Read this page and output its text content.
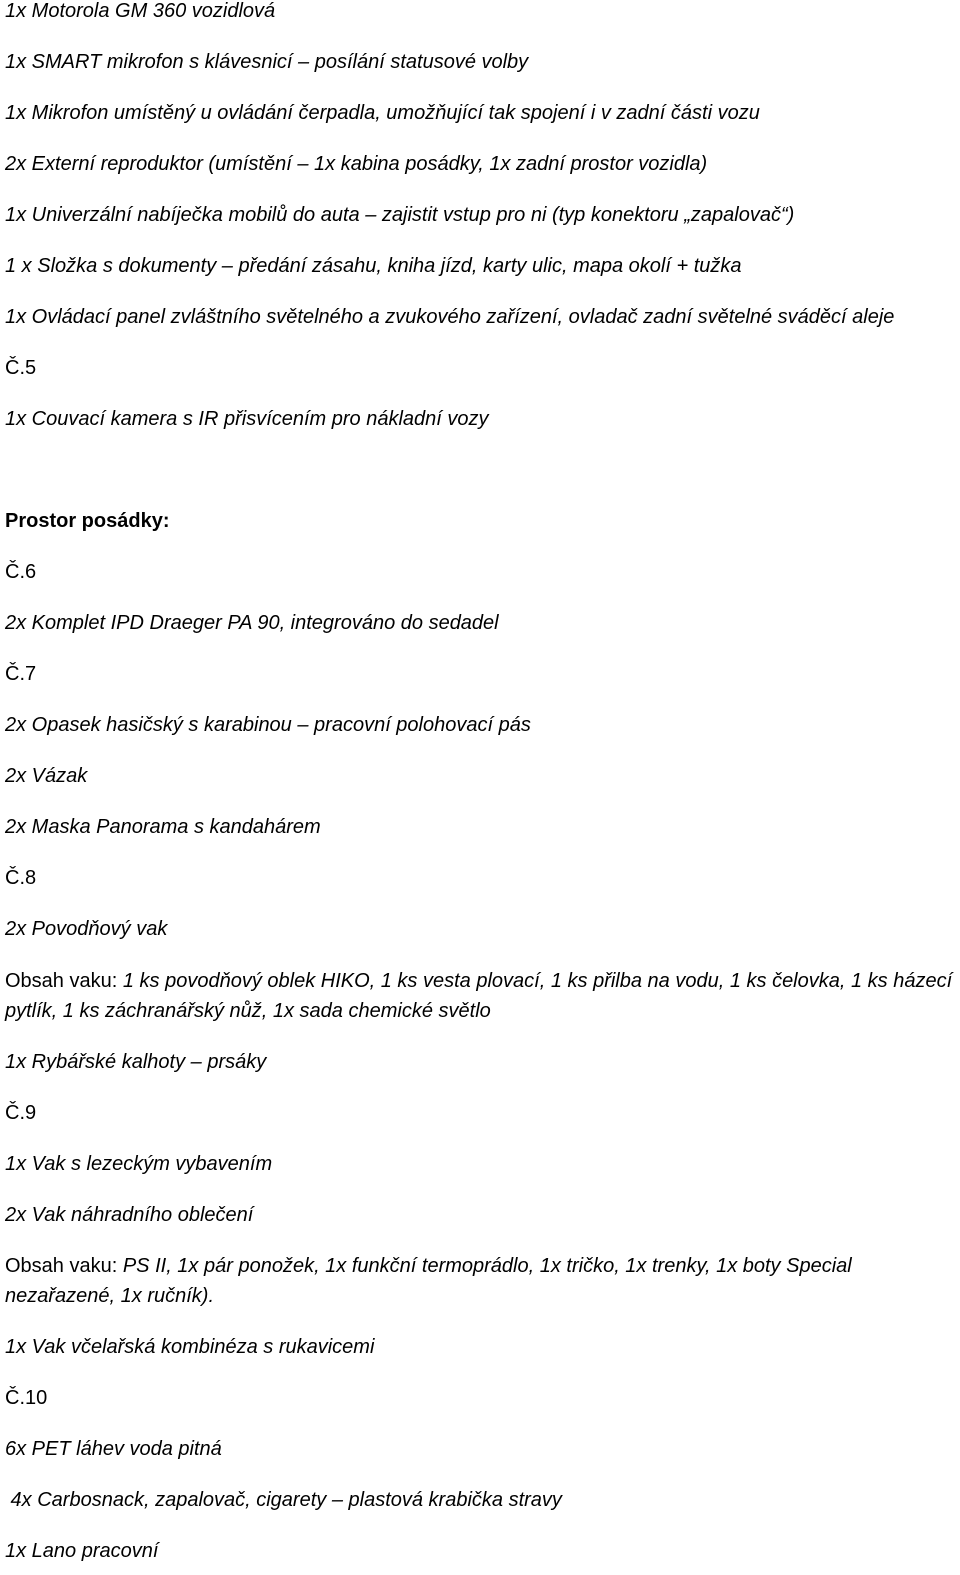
1x Motorola GM 360 vozidlová
1x SMART mikrofon s klávesnicí – posílání statusové volby
1x Mikrofon umístěný u ovládání čerpadla, umožňující tak spojení i v zadní části vozu
2x Externí reproduktor (umístění – 1x kabina posádky, 1x zadní prostor vozidla)
1x Univerzální nabíječka mobilů do auta – zajistit vstup pro ni (typ konektoru „zapalovač“)
1 x Složka s dokumenty – předání zásahu, kniha jízd, karty ulic, mapa okolí + tužka
1x Ovládací panel zvláštního světelného a zvukového zařízení, ovladač zadní světelné sváděcí aleje
Č.5
1x Couvací kamera s IR přisvícením pro nákladní vozy
Prostor posádky:
Č.6
2x Komplet IPD Draeger PA 90, integrováno do sedadel
Č.7
2x Opasek hasičský s karabinou – pracovní polohovací pás
2x Vázak
2x Maska Panorama s kandahárem
Č.8
2x Povodňový vak
Obsah vaku: 1 ks povodňový oblek HIKO, 1 ks vesta plovací, 1 ks přilba na vodu, 1 ks čelovka, 1 ks házecí pytlík, 1 ks záchranářský nůž, 1x sada chemické světlo
1x Rybářské kalhoty – prsáky
Č.9
1x Vak s lezeckým vybavením
2x Vak náhradního oblečení
Obsah vaku: PS II, 1x pár ponožek, 1x funkční termoprádlo, 1x tričko, 1x trenky, 1x boty Special nezařazené, 1x ručník).
1x Vak včelařská kombinéza s rukavicemi
Č.10
6x PET láhev voda pitná
4x Carbosnack, zapalovač, cigarety – plastová krabička stravy
1x Lano pracovní
